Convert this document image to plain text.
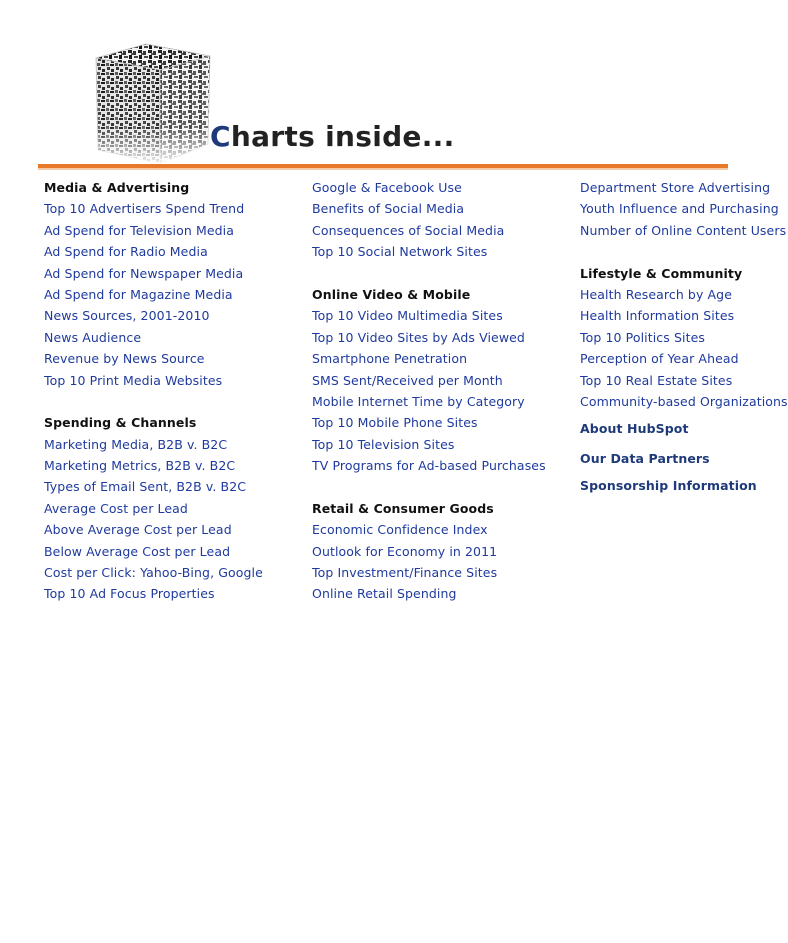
Charts inside...
Media & Advertising
Top 10 Advertisers Spend Trend
Ad Spend for Television Media
Ad Spend for Radio Media
Ad Spend for Newspaper Media
Ad Spend for Magazine Media
News Sources, 2001-2010
News Audience
Revenue by News Source
Top 10 Print Media Websites
Spending & Channels
Marketing Media, B2B v. B2C
Marketing Metrics, B2B v. B2C
Types of Email Sent, B2B v. B2C
Average Cost per Lead
Above Average Cost per Lead
Below Average Cost per Lead
Cost per Click: Yahoo-Bing, Google
Top 10 Ad Focus Properties
Google & Facebook Use
Benefits of Social Media
Consequences of Social Media
Top 10 Social Network Sites
Online Video & Mobile
Top 10 Video Multimedia Sites
Top 10 Video Sites by Ads Viewed
Smartphone Penetration
SMS Sent/Received per Month
Mobile Internet Time by Category
Top 10 Mobile Phone Sites
Top 10 Television Sites
TV Programs for Ad-based Purchases
Retail & Consumer Goods
Economic Confidence Index
Outlook for Economy in 2011
Top Investment/Finance Sites
Online Retail Spending
Department Store Advertising
Youth Influence and Purchasing
Number of Online Content Users
Lifestyle & Community
Health Research by Age
Health Information Sites
Top 10 Politics Sites
Perception of Year Ahead
Top 10 Real Estate Sites
Community-based Organizations
About HubSpot
Our Data Partners
Sponsorship Information
